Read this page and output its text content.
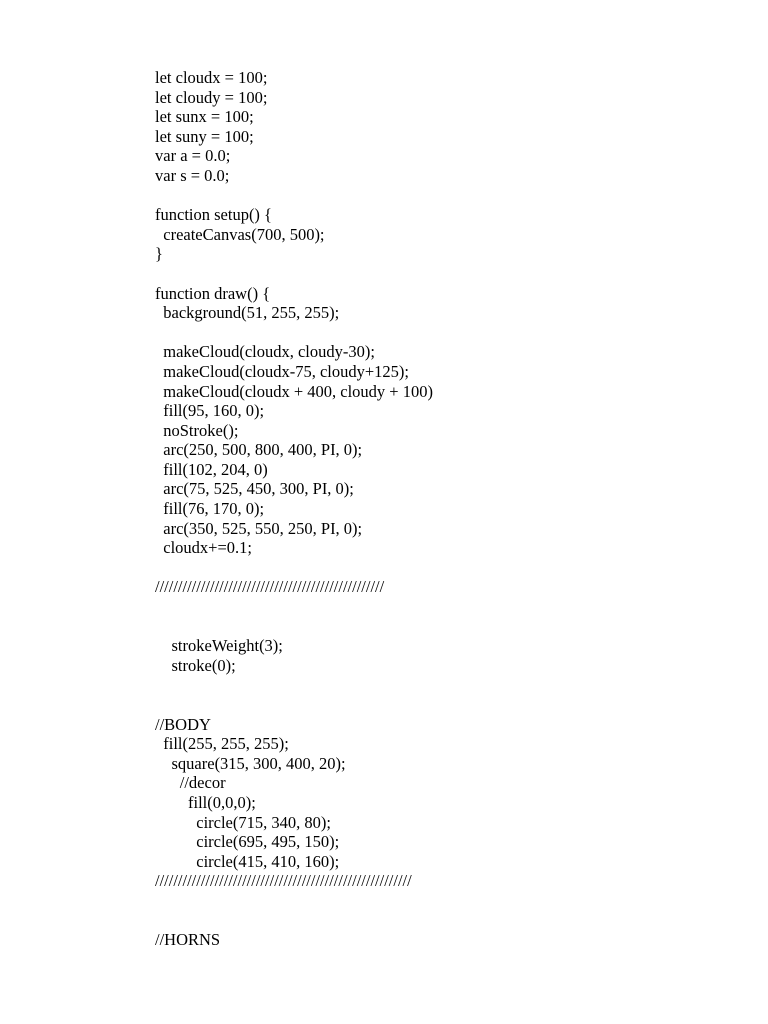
let cloudx = 100;
let cloudy = 100;
let sunx = 100;
let suny = 100;
var a = 0.0;
var s = 0.0;
function setup() {
createCanvas(700, 500);
}
function draw() {
background(51, 255, 255);
makeCloud(cloudx, cloudy-30);
makeCloud(cloudx-75, cloudy+125);
makeCloud(cloudx + 400, cloudy + 100)
fill(95, 160, 0);
noStroke();
arc(250, 500, 800, 400, PI, 0);
fill(102, 204, 0)
arc(75, 525, 450, 300, PI, 0);
fill(76, 170, 0);
arc(350, 525, 550, 250, PI, 0);
cloudx+=0.1;
//////////////////////////////////////////////////
strokeWeight(3);
stroke(0);
//BODY
fill(255, 255, 255);
square(315, 300, 400, 20);
//decor
fill(0,0,0);
circle(715, 340, 80);
circle(695, 495, 150);
circle(415, 410, 160);
////////////////////////////////////////////////////////
//HORNS
